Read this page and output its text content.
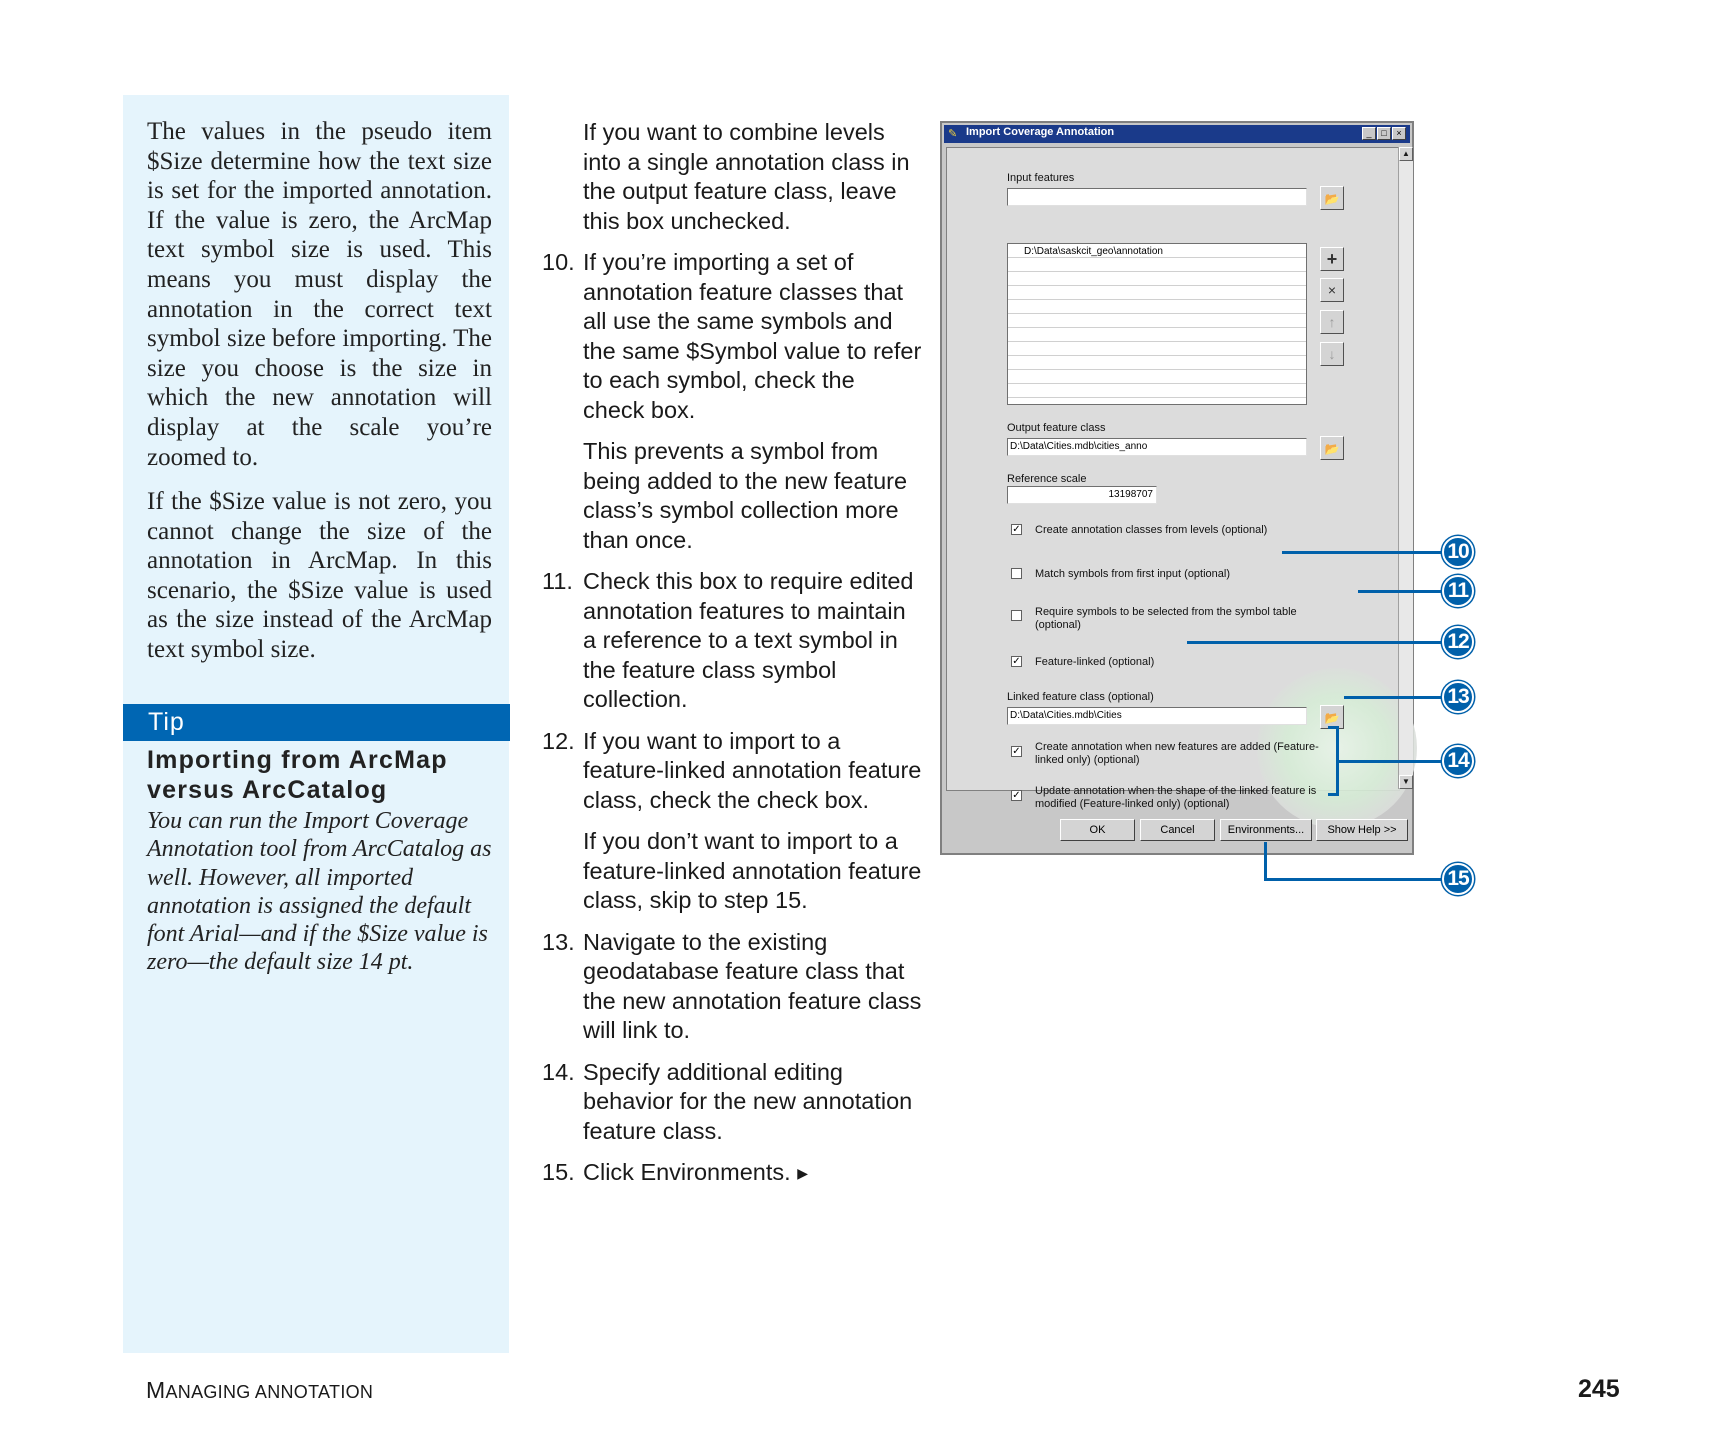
The values in the pseudo item $Size determine how the text size is set for the imported annotation. If the value is zero, the ArcMap text symbol size is used. This means you must display the annotation in the correct text symbol size before importing. The size you choose is the size in which the new annotation will display at the scale you’re zoomed to.
If the $Size value is not zero, you cannot change the size of the annotation in ArcMap. In this scenario, the $Size value is used as the size instead of the ArcMap text symbol size.
Tip
Importing from ArcMap versus ArcCatalog
You can run the Import Coverage Annotation tool from ArcCatalog as well. However, all imported annotation is assigned the default font Arial—and if the $Size value is zero—the default size 14 pt.
If you want to combine levels into a single annotation class in the output feature class, leave this box unchecked.
10. If you’re importing a set of annotation feature classes that all use the same symbols and the same $Symbol value to refer to each symbol, check the check box.
This prevents a symbol from being added to the new feature class’s symbol collection more than once.
11. Check this box to require edited annotation features to maintain a reference to a text symbol in the feature class symbol collection.
12. If you want to import to a feature-linked annotation feature class, check the check box.
If you don’t want to import to a feature-linked annotation feature class, skip to step 15.
13. Navigate to the existing geodatabase feature class that the new annotation feature class will link to.
14. Specify additional editing behavior for the new annotation feature class.
15. Click Environments. ▶
✎ Import Coverage Annotation	_	□	×
Input features
📂
D:\Data\saskcit_geo\annotation	+
×
↑
↓
Output feature class
D:\Data\Cities.mdb\cities_anno	📂
Reference scale
13198707
✓ Create annotation classes from levels (optional)
Match symbols from first input (optional)
Require symbols to be selected from the symbol table (optional)
✓ Feature-linked (optional)
Linked feature class (optional)
D:\Data\Cities.mdb\Cities	📂
✓ Create annotation when new features are added (Feature-linked only) (optional)
✓ Update annotation when the shape of the linked feature is modified (Feature-linked only) (optional)
▲
▼
OK	Cancel	Environments...	Show Help >>
10
11
12
13
14
15
MANAGING ANNOTATION	245
